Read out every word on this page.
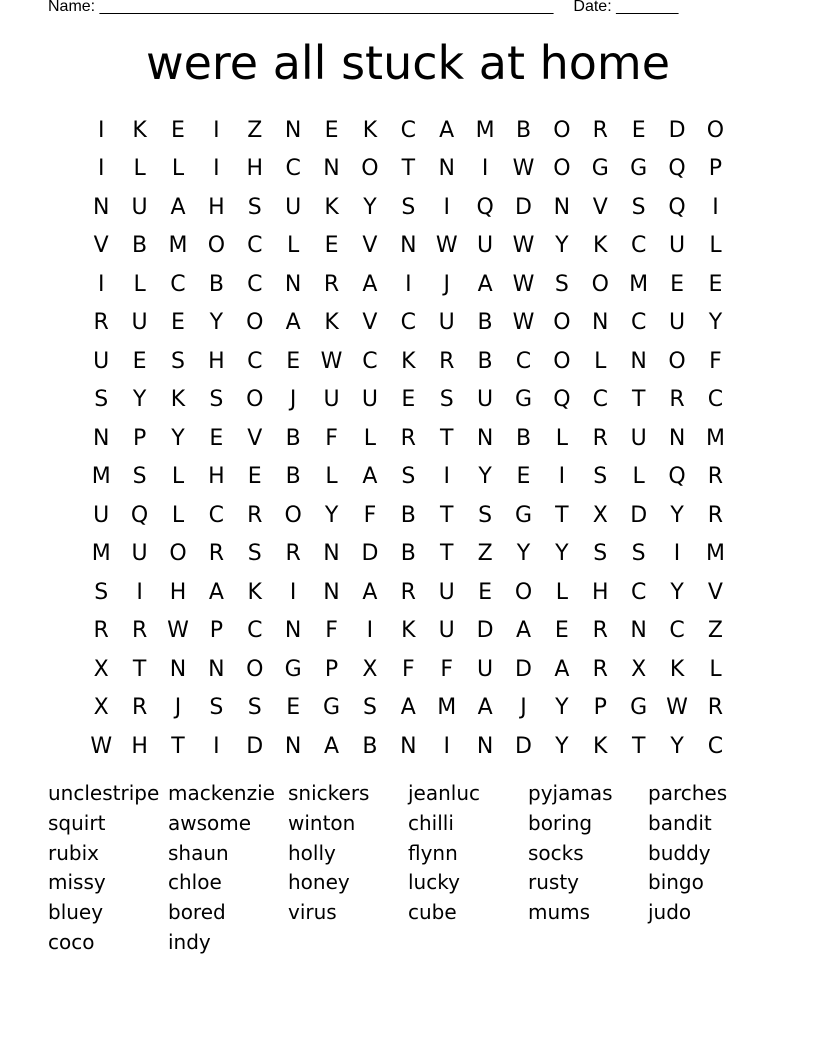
Name: ___________________________________________________ Date: _______
were all stuck at home
I	K	E	I	Z	N	E	K	C	A M B	O	R	E	D O
I	L	L	I	H	C	N O	T	N	I	W O G G Q	P
N	U	A	H	S	U	K	Y	S	I	Q D N	V	S	Q	I
V	B M O	C	L	E	V	N W U W Y	K	C	U	L
I	L	C	B	C	N	R	A	I	J	A W S	O M E	E
R	U	E	Y	O	A	K	V	C	U	B W O N	C	U	Y
U	E	S	H	C	E W C	K	R	B	C	O	L	N O	F
S	Y	K	S	O	J	U	U	E	S	U G Q	C	T	R	C
N	P	Y	E	V	B	F	L	R	T	N	B	L	R	U	N M
M S	L	H	E	B	L	A	S	I	Y	E	I	S	L	Q	R
U Q	L	C	R	O	Y	F	B	T	S	G	T	X	D	Y	R
M U O	R	S	R	N D	B	T	Z	Y	Y	S	S	I	M
S	I	H	A	K	I	N	A	R	U	E	O	L	H	C	Y	V
R	R W P	C	N	F	I	K	U D	A	E	R	N	C	Z
X	T	N N O G	P	X	F	F	U D	A	R	X	K	L
X	R	J	S	S	E	G	S	A M A	J	Y	P	G W R
W H	T	I	D N	A	B	N	I	N D	Y	K	T	Y	C
unclestripe mackenzie snickers	jeanluc	pyjamas	parches
squirt	awsome	winton	chilli	boring	bandit
rubix	shaun	holly	flynn	socks	buddy
missy	chloe	honey	lucky	rusty	bingo
bluey	bored	virus	cube	mums	judo
coco	indy
